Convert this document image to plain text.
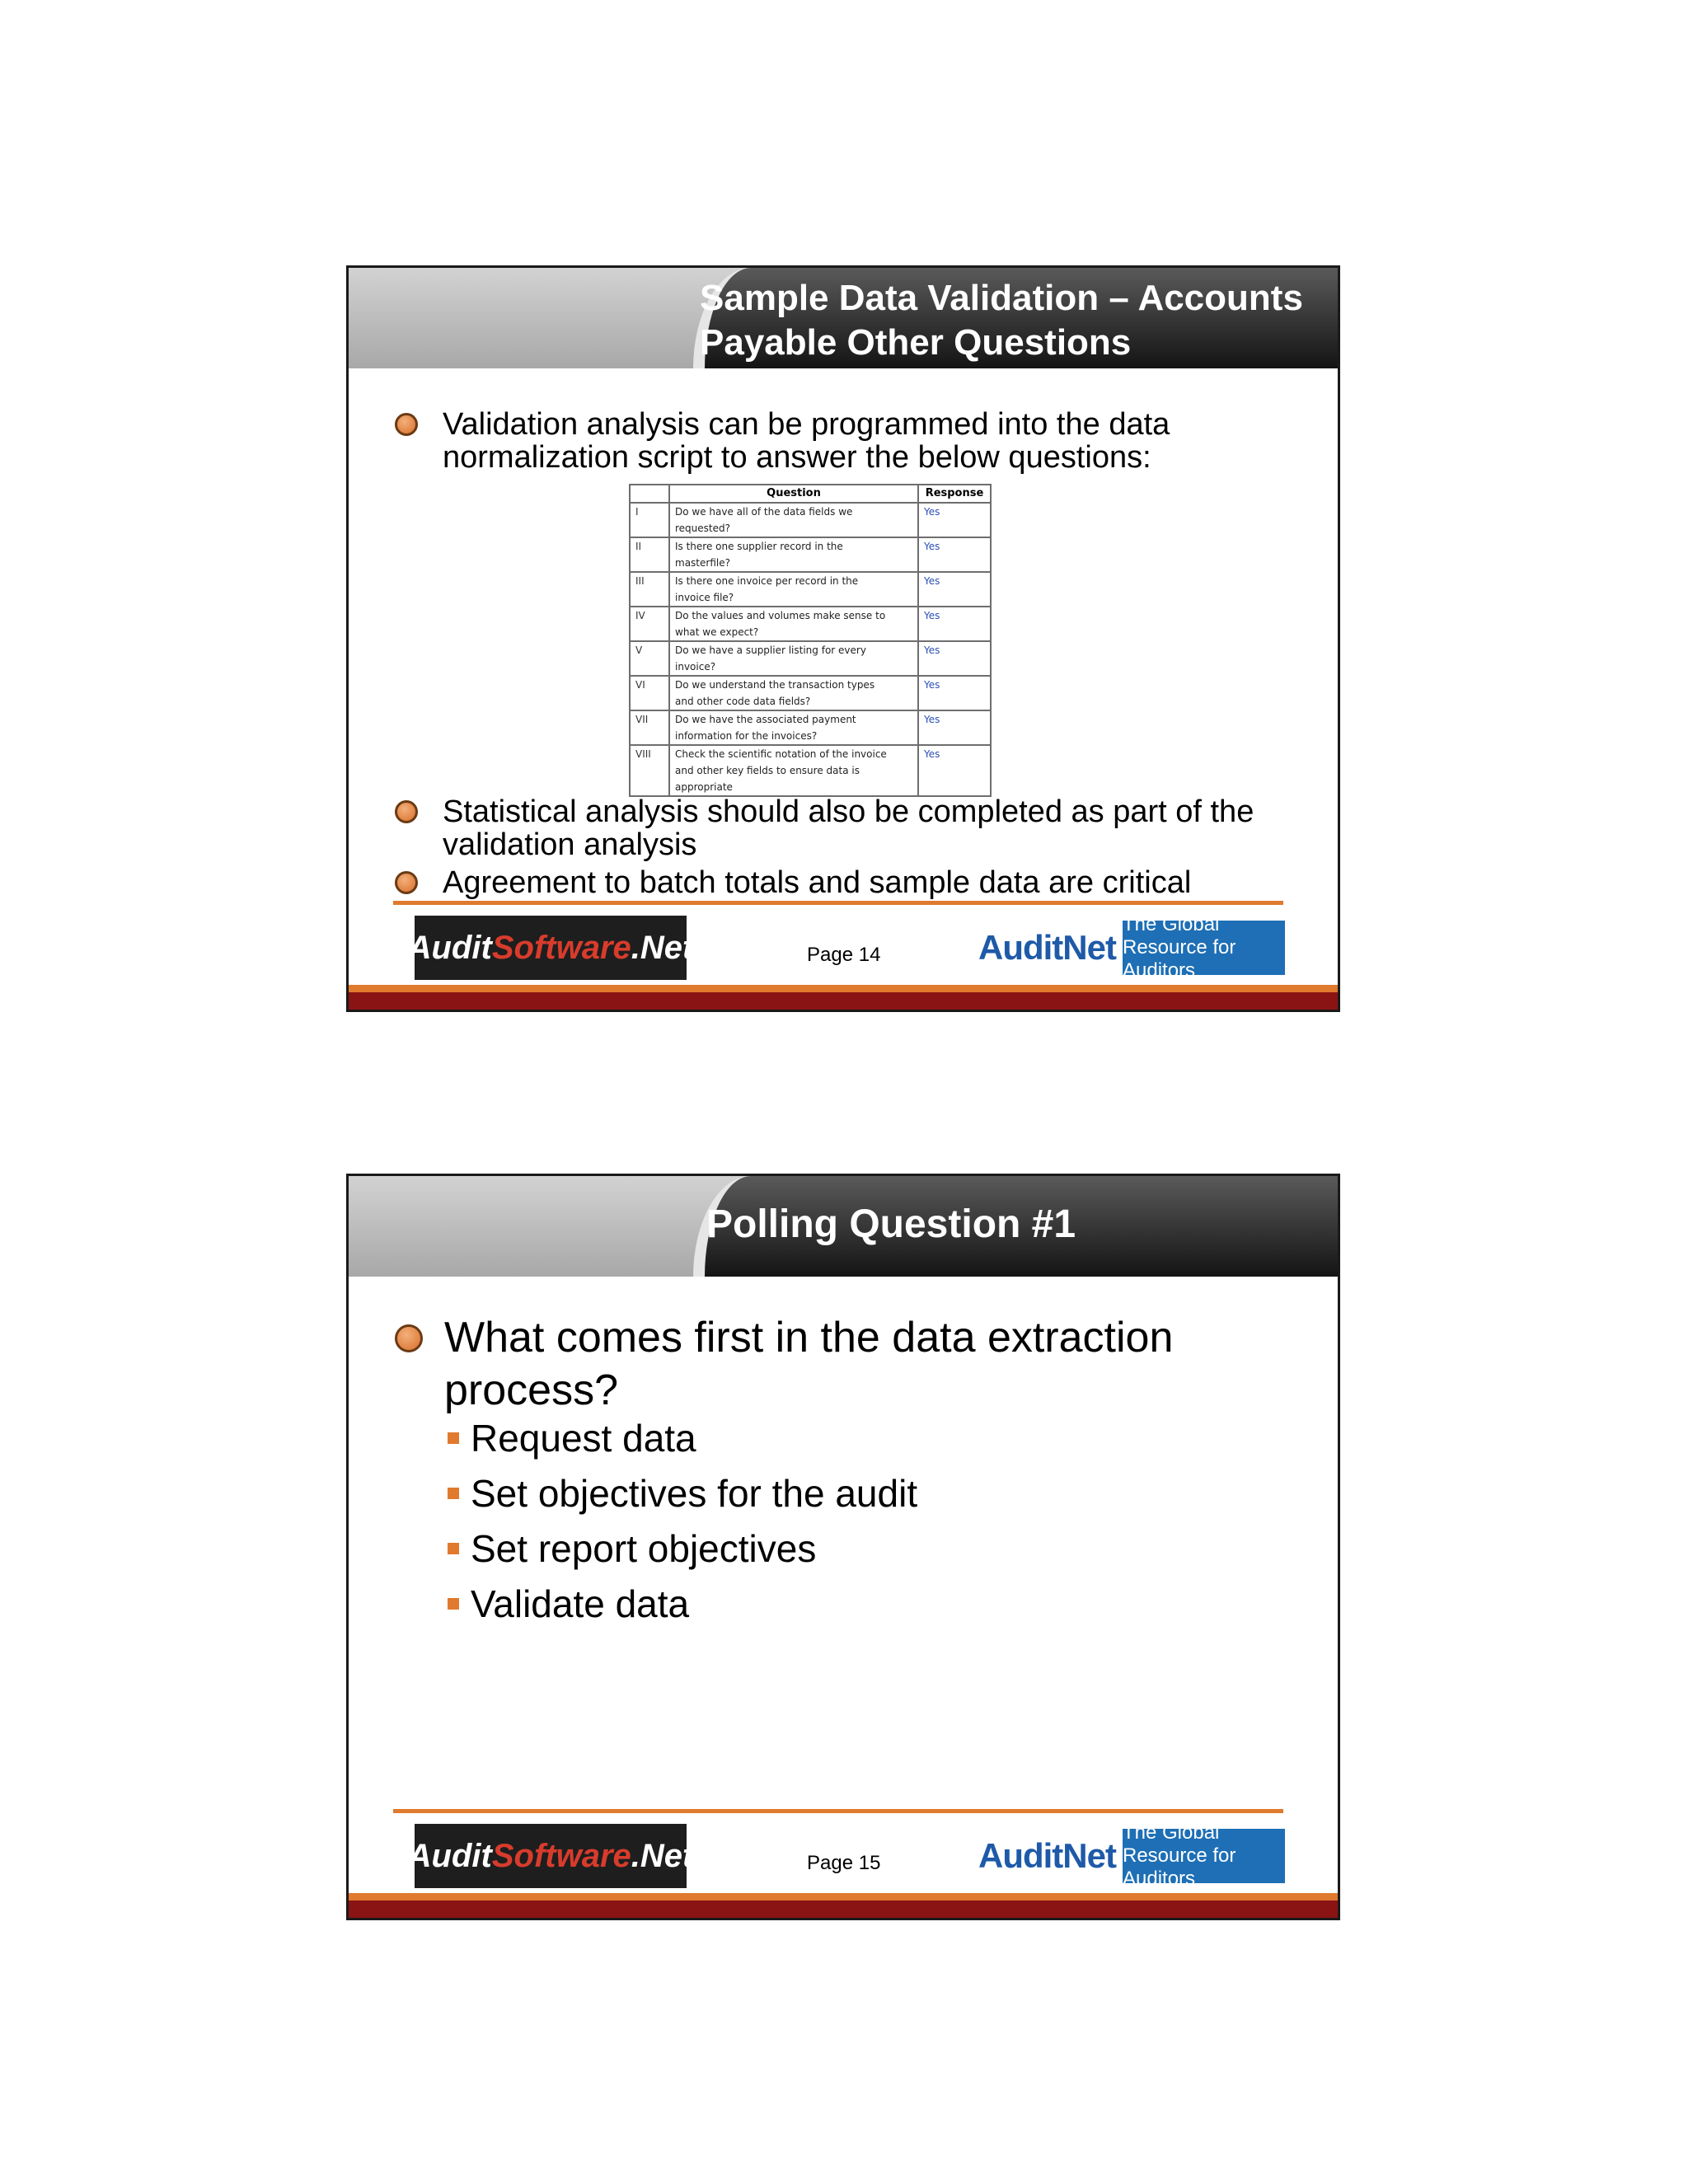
Sample Data Validation – Accounts
Payable Other Questions
Validation analysis can be programmed into the data
normalization script to answer the below questions:
	Question	Response
I	Do we have all of the data fields we
requested?	Yes
II	Is there one supplier record in the
masterfile?	Yes
III	Is there one invoice per record in the
invoice file?	Yes
IV	Do the values and volumes make sense to
what we expect?	Yes
V	Do we have a supplier listing for every
invoice?	Yes
VI	Do we understand the transaction types
and other code data fields?	Yes
VII	Do we have the associated payment
information for the invoices?	Yes
VIII	Check the scientific notation of the invoice
and other key fields to ensure data is
appropriate	Yes
Statistical analysis should also be completed as part of the
validation analysis
Agreement to batch totals and sample data are critical
Audit Software .Net	Page 14	AuditNet
The Global Resource for Auditors
Polling Question #1
What comes first in the data extraction
process?
Request data
Set objectives for the audit
Set report objectives
Validate data
Audit Software .Net	Page 15	AuditNet
The Global Resource for Auditors
